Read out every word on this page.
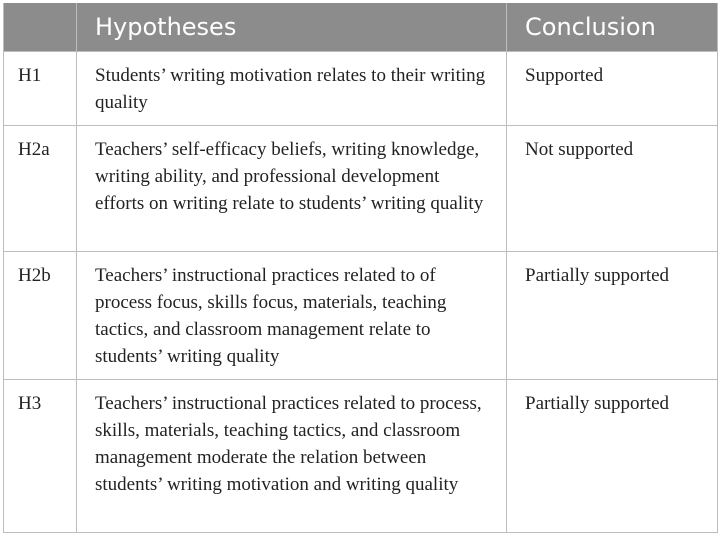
	Hypotheses	Conclusion
H1	Students’ writing motivation relates to their writing quality	Supported
H2a	Teachers’ self-efficacy beliefs, writing knowledge, writing ability, and professional development efforts on writing relate to students’ writing quality	Not supported
H2b	Teachers’ instructional practices related to of process focus, skills focus, materials, teaching tactics, and classroom management relate to students’ writing quality	Partially supported
H3	Teachers’ instructional practices related to process, skills, materials, teaching tactics, and classroom management moderate the relation between students’ writing motivation and writing quality	Partially supported
